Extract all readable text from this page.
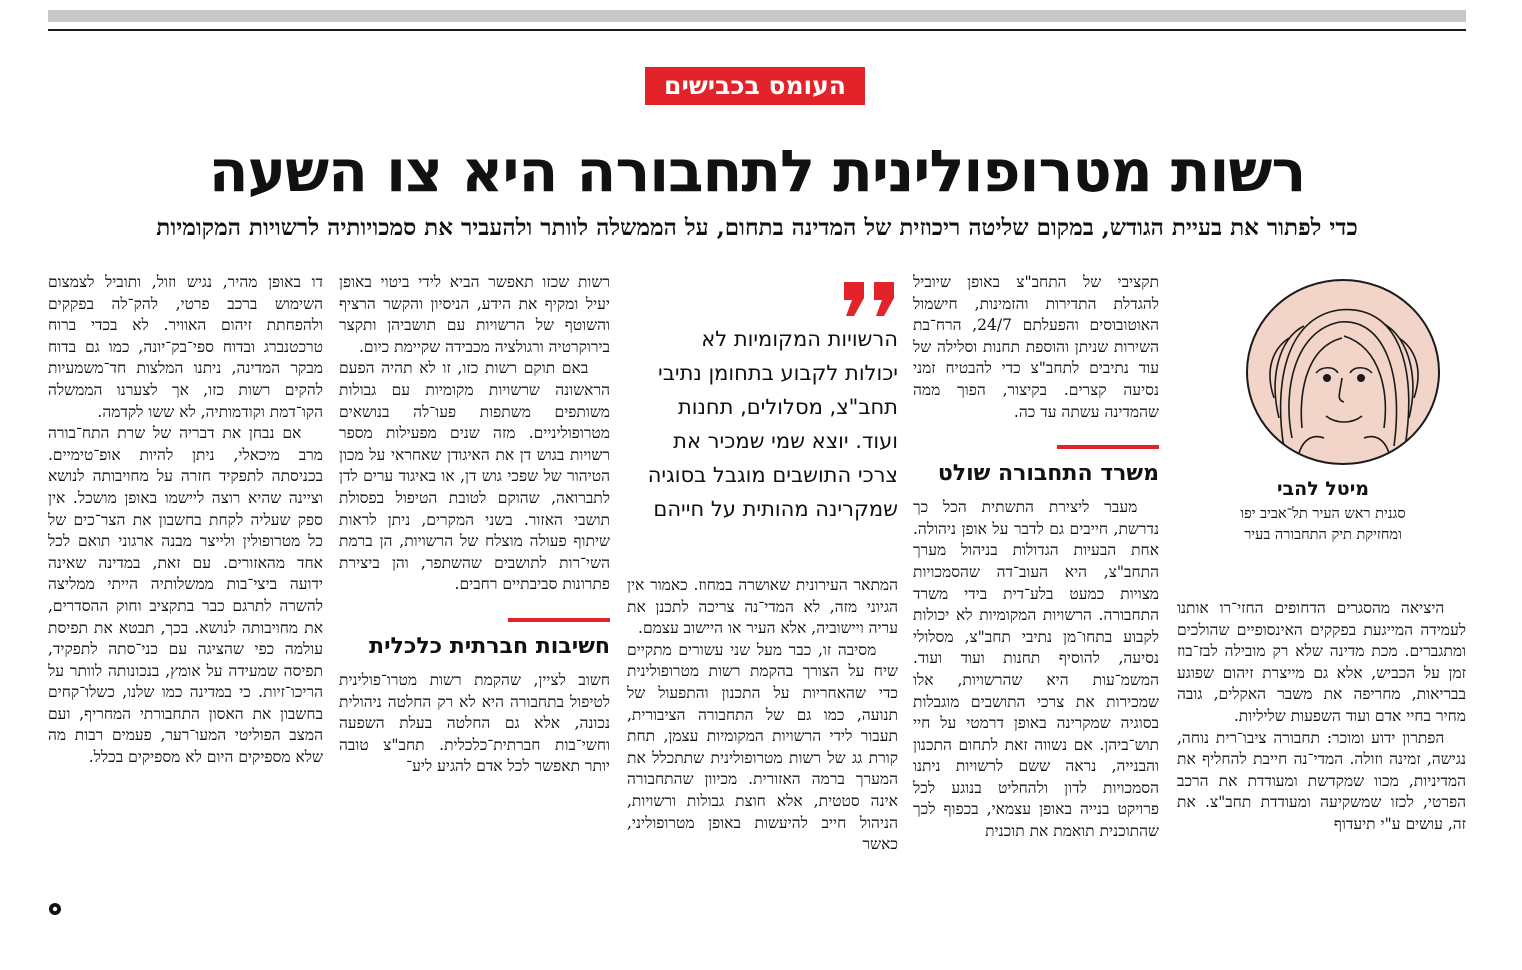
העומס בכבישים
רשות מטרופולינית לתחבורה היא צו השעה
כדי לפתור את בעיית הגודש, במקום שליטה ריכוזית של המדינה בתחום, על הממשלה לוותר ולהעביר את סמכויותיה לרשויות המקומיות
מיטל להבי
סגנית ראש העיר תל־אביב יפו
ומחזיקת תיק התחבורה בעיר

היציאה מהסגרים הדחופים החזי־רו אותנו לעמידה המייגעת בפקקים האינסופיים שהולכים ומתגברים. מכת מדינה שלא רק מובילה לבז־בוז זמן על הכביש, אלא גם מייצרת זיהום שפוגע בבריאות, מחריפה את משבר האקלים, גובה מחיר בחיי אדם ועוד השפעות שליליות.

הפתרון ידוע ומוכר: תחבורה ציבו־רית נוחה, נגישה, זמינה וזולה. המדי־נה חייבת להחליף את המדיניות, מכוו שמקדשת ומעודדת את הרכב הפרטי, לכזו שמשקיעה ומעודדת תחב"צ. את זה, עושים ע"י תיעדוף

תקציבי של התחב"צ באופן שיוביל להגדלת התדירות והזמינות, חישמול האוטובוסים והפעלתם 24/7, הרח־בת השירות שניתן והוספת תחנות וסלילה של עוד נתיבים לתחב"צ כדי להבטיח זמני נסיעה קצרים. בקיצור, הפוך ממה שהמדינה עשתה עד כה.

משרד התחבורה שולט

מעבר ליצירת התשתית הכל כך נדרשת, חייבים גם לדבר על אופן ניהולה. אחת הבעיות הגדולות בניהול מערך התחב"צ, היא העוב־דה שהסמכויות מצויות כמעט בלע־דית בידי משרד התחבורה. הרשויות המקומיות לא יכולות לקבוע בתחו־מן נתיבי תחב"צ, מסלולי נסיעה, להוסיף תחנות ועוד ועוד. המשמ־עות היא שהרשויות, אלו שמכירות את צרכי התושבים מוגבלות בסוגיה שמקרינה באופן דרמטי על חיי תוש־ביהן. אם נשווה זאת לתחום התכנון והבנייה, נראה ששם לרשויות ניתנו הסמכויות לדון ולהחליט בנוגע לכל פרויקט בנייה באופן עצמאי, בכפוף לכך שהתוכנית תואמת את תוכנית

הרשויות המקומיות לא
יכולות לקבוע בתחומן נתיבי
תחב"צ, מסלולים, תחנות
ועוד. יוצא שמי שמכיר את
צרכי התושבים מוגבל בסוגיה
שמקרינה מהותית על חייהם

המתאר העירונית שאושרה במחוז. כאמור אין הגיוני מזה, לא המדי־נה צריכה לתכנן את עריה ויישוביה, אלא העיר או היישוב עצמם.

מסיבה זו, כבר מעל שני עשורים מתקיים שיח על הצורך בהקמת רשות מטרופולינית כדי שהאחריות על התכנון והתפעול של תנועה, כמו גם של התחבורה הציבורית, תעבור לידי הרשויות המקומיות עצמן, תחת קורת גג של רשות מטרופולינית שתתכלל את המערך ברמה האזורית. מכיוון שהתחבורה אינה סטטית, אלא חוצת גבולות ורשויות, הניהול חייב להיעשות באופן מטרופוליני, כאשר

רשות שכזו תאפשר הביא לידי ביטוי באופן יעיל ומקיף את הידע, הניסיון והקשר הרציף והשוטף של הרשויות עם תושביהן ותקצר בירוקרטיה ורגולציה מכבידה שקיימת כיום.

באם תוקם רשות כזו, זו לא תהיה הפעם הראשונה שרשויות מקומיות עם גבולות משותפים משתפות פעו־לה בנושאים מטרופוליניים. מזה שנים מפעילות מספר רשויות בגוש דן את האיגודן שאחראי על מכון הטיהור של שפכי גוש דן, או באיגוד ערים לדן לתברואה, שהוקם לטובת הטיפול בפסולת תושבי האזור. בשני המקרים, ניתן לראות שיתוף פעולה מוצלח של הרשויות, הן ברמת השי־רות לתושבים שהשתפר, והן ביצירת פתרונות סביבתיים רחבים.

חשיבות חברתית כלכלית

חשוב לציין, שהקמת רשות מטרו־פולינית לטיפול בתחבורה היא לא רק החלטה ניהולית נכונה, אלא גם החלטה בעלת השפעה וחשי־בות חברתית־כלכלית. תחב"צ טובה יותר תאפשר לכל אדם להגיע ליע־

דו באופן מהיר, נגיש וזול, ותוביל לצמצום השימוש ברכב פרטי, להק־לה בפקקים ולהפחתת זיהום האוויר. לא בכדי ברוח טרכטנברג ובדוח ספי־בק־יונה, כמו גם בדוח מבקר המדינה, ניתנו המלצות חד־משמעיות להקים רשות כזו, אך לצערנו הממשלה הקו־דמת וקודמותיה, לא ששו לקדמה.

אם נבחן את דבריה של שרת התח־בורה מרב מיכאלי, ניתן להיות אופ־טימיים. בכניסתה לתפקיד חזרה על מחויבותה לנושא וציינה שהיא רוצה ליישמו באופן מושכל. אין ספק שעליה לקחת בחשבון את הצר־כים של כל מטרופולין ולייצר מבנה ארגוני תואם לכל אחד מהאזורים. עם זאת, במדינה שאינה ידועה ביצי־בות ממשלותיה הייתי ממליצה להשרה לתרגם כבר בתקציב וחוק ההסדרים, את מחויבותה לנושא. בכך, תבטא את תפיסת עולמה כפי שהציגה עם כני־סתה לתפקיד, תפיסה שמעידה על אומץ, בנכונותה לוותר על הריכו־זיות. כי במדינה כמו שלנו, כשלו־קחים בחשבון את האסון התחבורתי המחריף, ועם המצב הפוליטי המעו־רער, פעמים רבות מה שלא מספיקים היום לא מספיקים בכלל.
